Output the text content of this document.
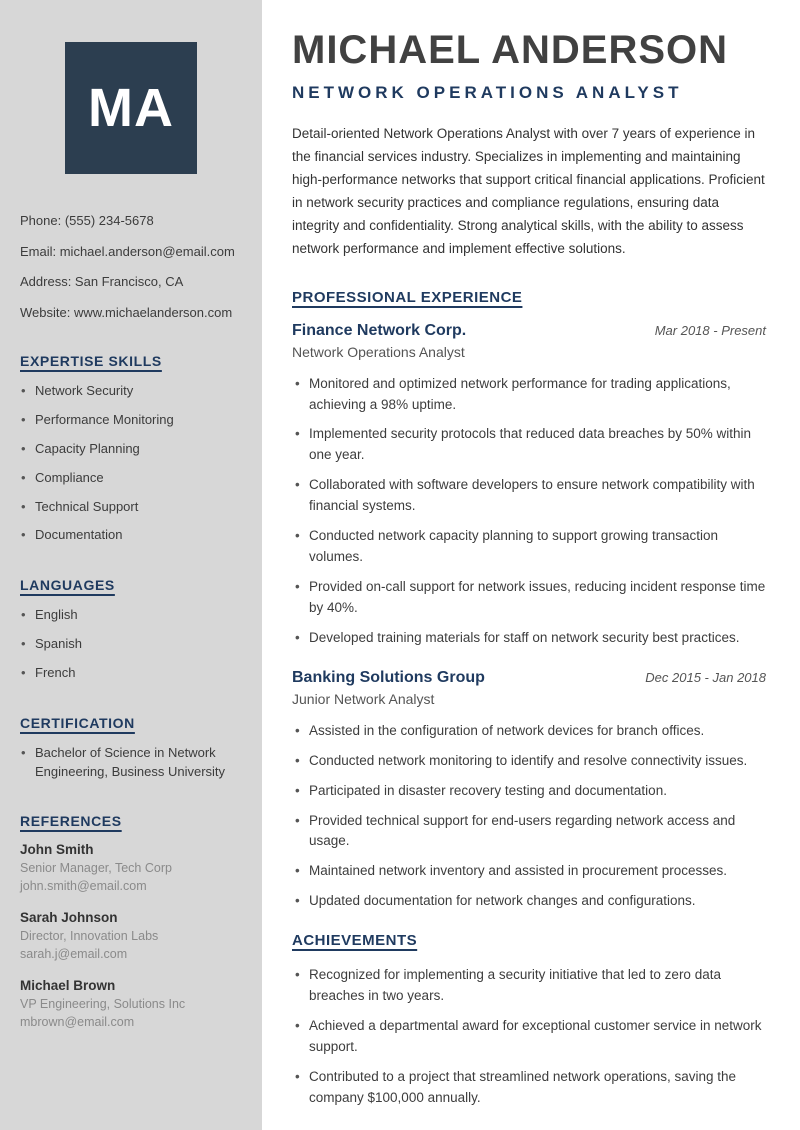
MA
Phone: (555) 234-5678
Email: michael.anderson@email.com
Address: San Francisco, CA
Website: www.michaelanderson.com
EXPERTISE SKILLS
• Network Security
• Performance Monitoring
• Capacity Planning
• Compliance
• Technical Support
• Documentation
LANGUAGES
• English
• Spanish
• French
CERTIFICATION
• Bachelor of Science in Network Engineering, Business University
REFERENCES
John Smith
Senior Manager, Tech Corp
john.smith@email.com
Sarah Johnson
Director, Innovation Labs
sarah.j@email.com
Michael Brown
VP Engineering, Solutions Inc
mbrown@email.com
MICHAEL ANDERSON
NETWORK OPERATIONS ANALYST

Detail-oriented Network Operations Analyst with over 7 years of experience in the financial services industry. Specializes in implementing and maintaining high-performance networks that support critical financial applications. Proficient in network security practices and compliance regulations, ensuring data integrity and confidentiality. Strong analytical skills, with the ability to assess network performance and implement effective solutions.

PROFESSIONAL EXPERIENCE
Finance Network Corp.	Mar 2018 - Present
Network Operations Analyst
• Monitored and optimized network performance for trading applications, achieving a 98% uptime.
• Implemented security protocols that reduced data breaches by 50% within one year.
• Collaborated with software developers to ensure network compatibility with financial systems.
• Conducted network capacity planning to support growing transaction volumes.
• Provided on-call support for network issues, reducing incident response time by 40%.
• Developed training materials for staff on network security best practices.
Banking Solutions Group	Dec 2015 - Jan 2018
Junior Network Analyst
• Assisted in the configuration of network devices for branch offices.
• Conducted network monitoring to identify and resolve connectivity issues.
• Participated in disaster recovery testing and documentation.
• Provided technical support for end-users regarding network access and usage.
• Maintained network inventory and assisted in procurement processes.
• Updated documentation for network changes and configurations.
ACHIEVEMENTS
• Recognized for implementing a security initiative that led to zero data breaches in two years.
• Achieved a departmental award for exceptional customer service in network support.
• Contributed to a project that streamlined network operations, saving the company $100,000 annually.
